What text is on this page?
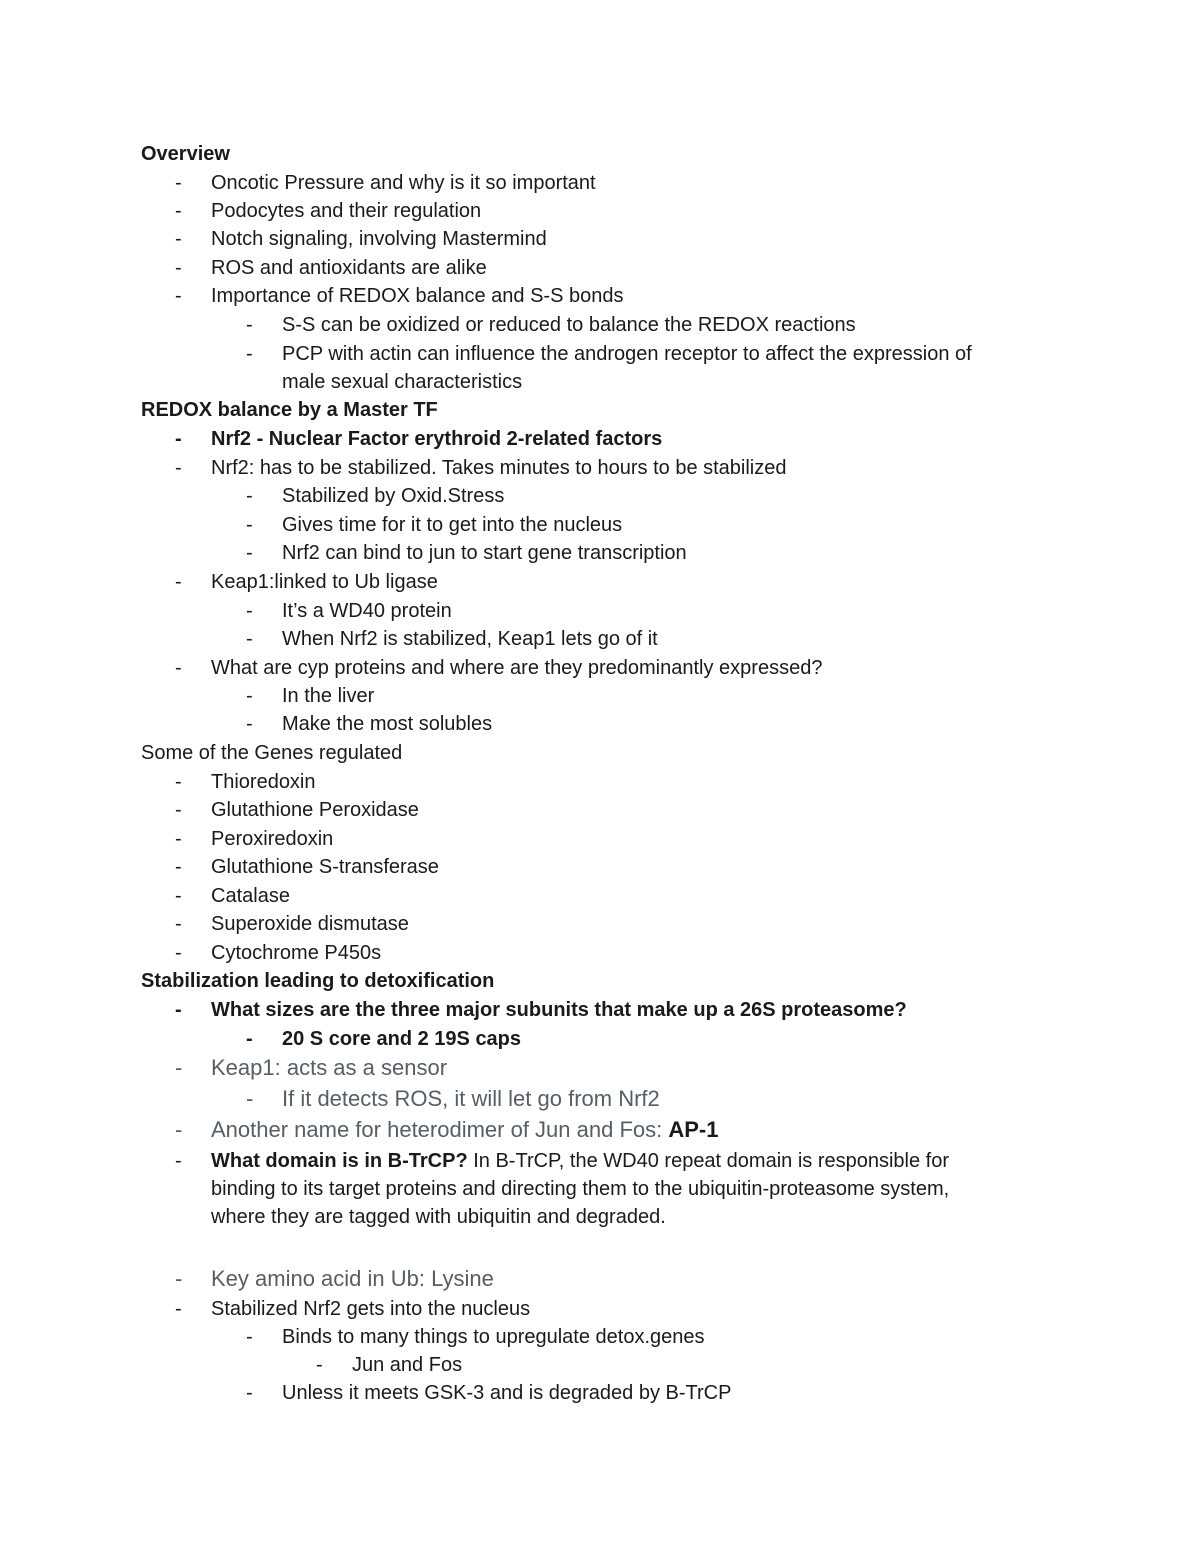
Overview
- Oncotic Pressure and why is it so important
- Podocytes and their regulation
- Notch signaling, involving Mastermind
- ROS and antioxidants are alike
- Importance of REDOX balance and S-S bonds
- S-S can be oxidized or reduced to balance the REDOX reactions
- PCP with actin can influence the androgen receptor to affect the expression of
male sexual characteristics
REDOX balance by a Master TF
- Nrf2 - Nuclear Factor erythroid 2-related factors
- Nrf2: has to be stabilized. Takes minutes to hours to be stabilized
- Stabilized by Oxid.Stress
- Gives time for it to get into the nucleus
- Nrf2 can bind to jun to start gene transcription
- Keap1:linked to Ub ligase
- It’s a WD40 protein
- When Nrf2 is stabilized, Keap1 lets go of it
- What are cyp proteins and where are they predominantly expressed?
- In the liver
- Make the most solubles
Some of the Genes regulated
- Thioredoxin
- Glutathione Peroxidase
- Peroxiredoxin
- Glutathione S-transferase
- Catalase
- Superoxide dismutase
- Cytochrome P450s
Stabilization leading to detoxification
- What sizes are the three major subunits that make up a 26S proteasome?
- 20 S core and 2 19S caps
- Keap1: acts as a sensor
- If it detects ROS, it will let go from Nrf2
- Another name for heterodimer of Jun and Fos: AP-1
- What domain is in B-TrCP? In B-TrCP, the WD40 repeat domain is responsible for
binding to its target proteins and directing them to the ubiquitin-proteasome system,
where they are tagged with ubiquitin and degraded.
- Key amino acid in Ub: Lysine
- Stabilized Nrf2 gets into the nucleus
- Binds to many things to upregulate detox.genes
- Jun and Fos
- Unless it meets GSK-3 and is degraded by B-TrCP
